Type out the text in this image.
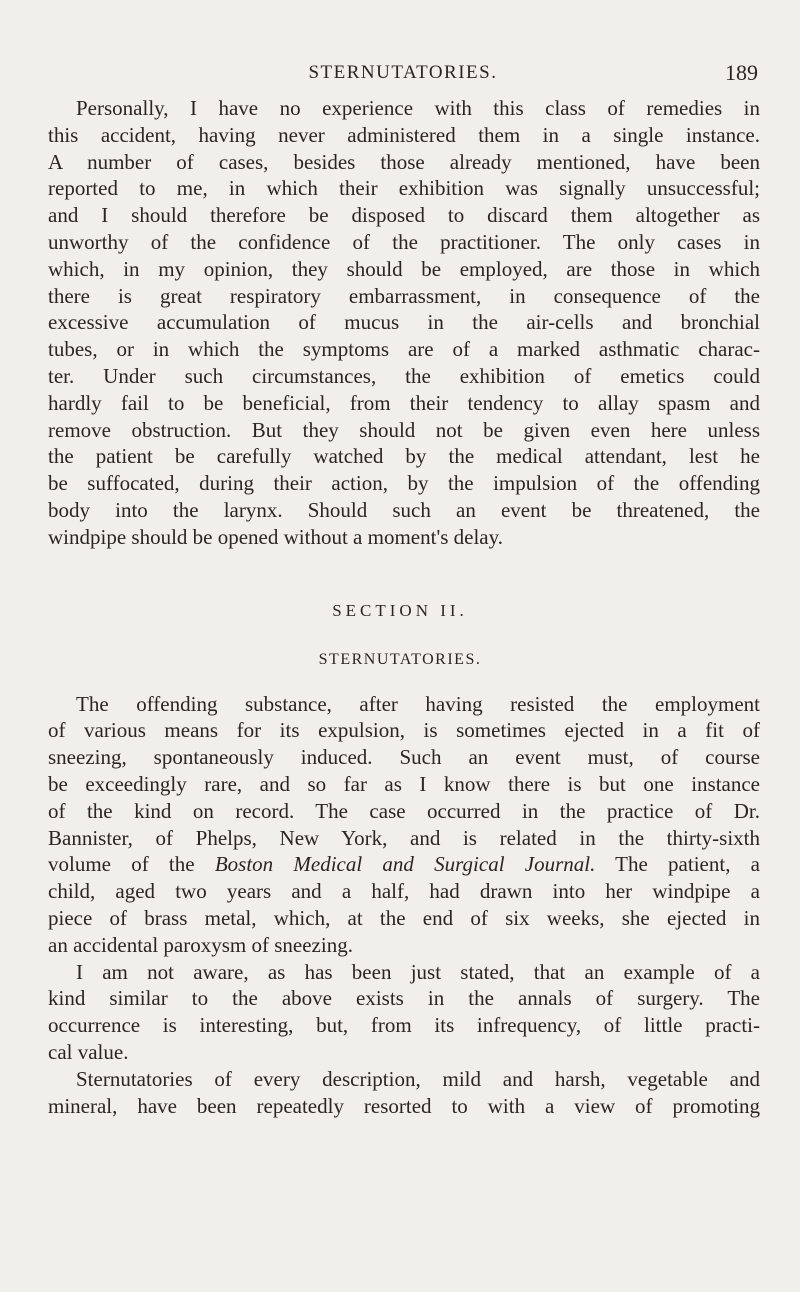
STERNUTATORIES.	189
Personally, I have no experience with this class of remedies in
this accident, having never administered them in a single instance.
A number of cases, besides those already mentioned, have been
reported to me, in which their exhibition was signally unsuccessful;
and I should therefore be disposed to discard them altogether as
unworthy of the confidence of the practitioner. The only cases in
which, in my opinion, they should be employed, are those in which
there is great respiratory embarrassment, in consequence of the
excessive accumulation of mucus in the air-cells and bronchial
tubes, or in which the symptoms are of a marked asthmatic charac-
ter. Under such circumstances, the exhibition of emetics could
hardly fail to be beneficial, from their tendency to allay spasm and
remove obstruction. But they should not be given even here unless
the patient be carefully watched by the medical attendant, lest he
be suffocated, during their action, by the impulsion of the offending
body into the larynx. Should such an event be threatened, the
windpipe should be opened without a moment's delay.
SECTION II.
STERNUTATORIES.
The offending substance, after having resisted the employment
of various means for its expulsion, is sometimes ejected in a fit of
sneezing, spontaneously induced. Such an event must, of course
be exceedingly rare, and so far as I know there is but one instance
of the kind on record. The case occurred in the practice of Dr.
Bannister, of Phelps, New York, and is related in the thirty-sixth
volume of the Boston Medical and Surgical Journal. The patient, a
child, aged two years and a half, had drawn into her windpipe a
piece of brass metal, which, at the end of six weeks, she ejected in
an accidental paroxysm of sneezing.
I am not aware, as has been just stated, that an example of a
kind similar to the above exists in the annals of surgery. The
occurrence is interesting, but, from its infrequency, of little practi-
cal value.
Sternutatories of every description, mild and harsh, vegetable and
mineral, have been repeatedly resorted to with a view of promoting
